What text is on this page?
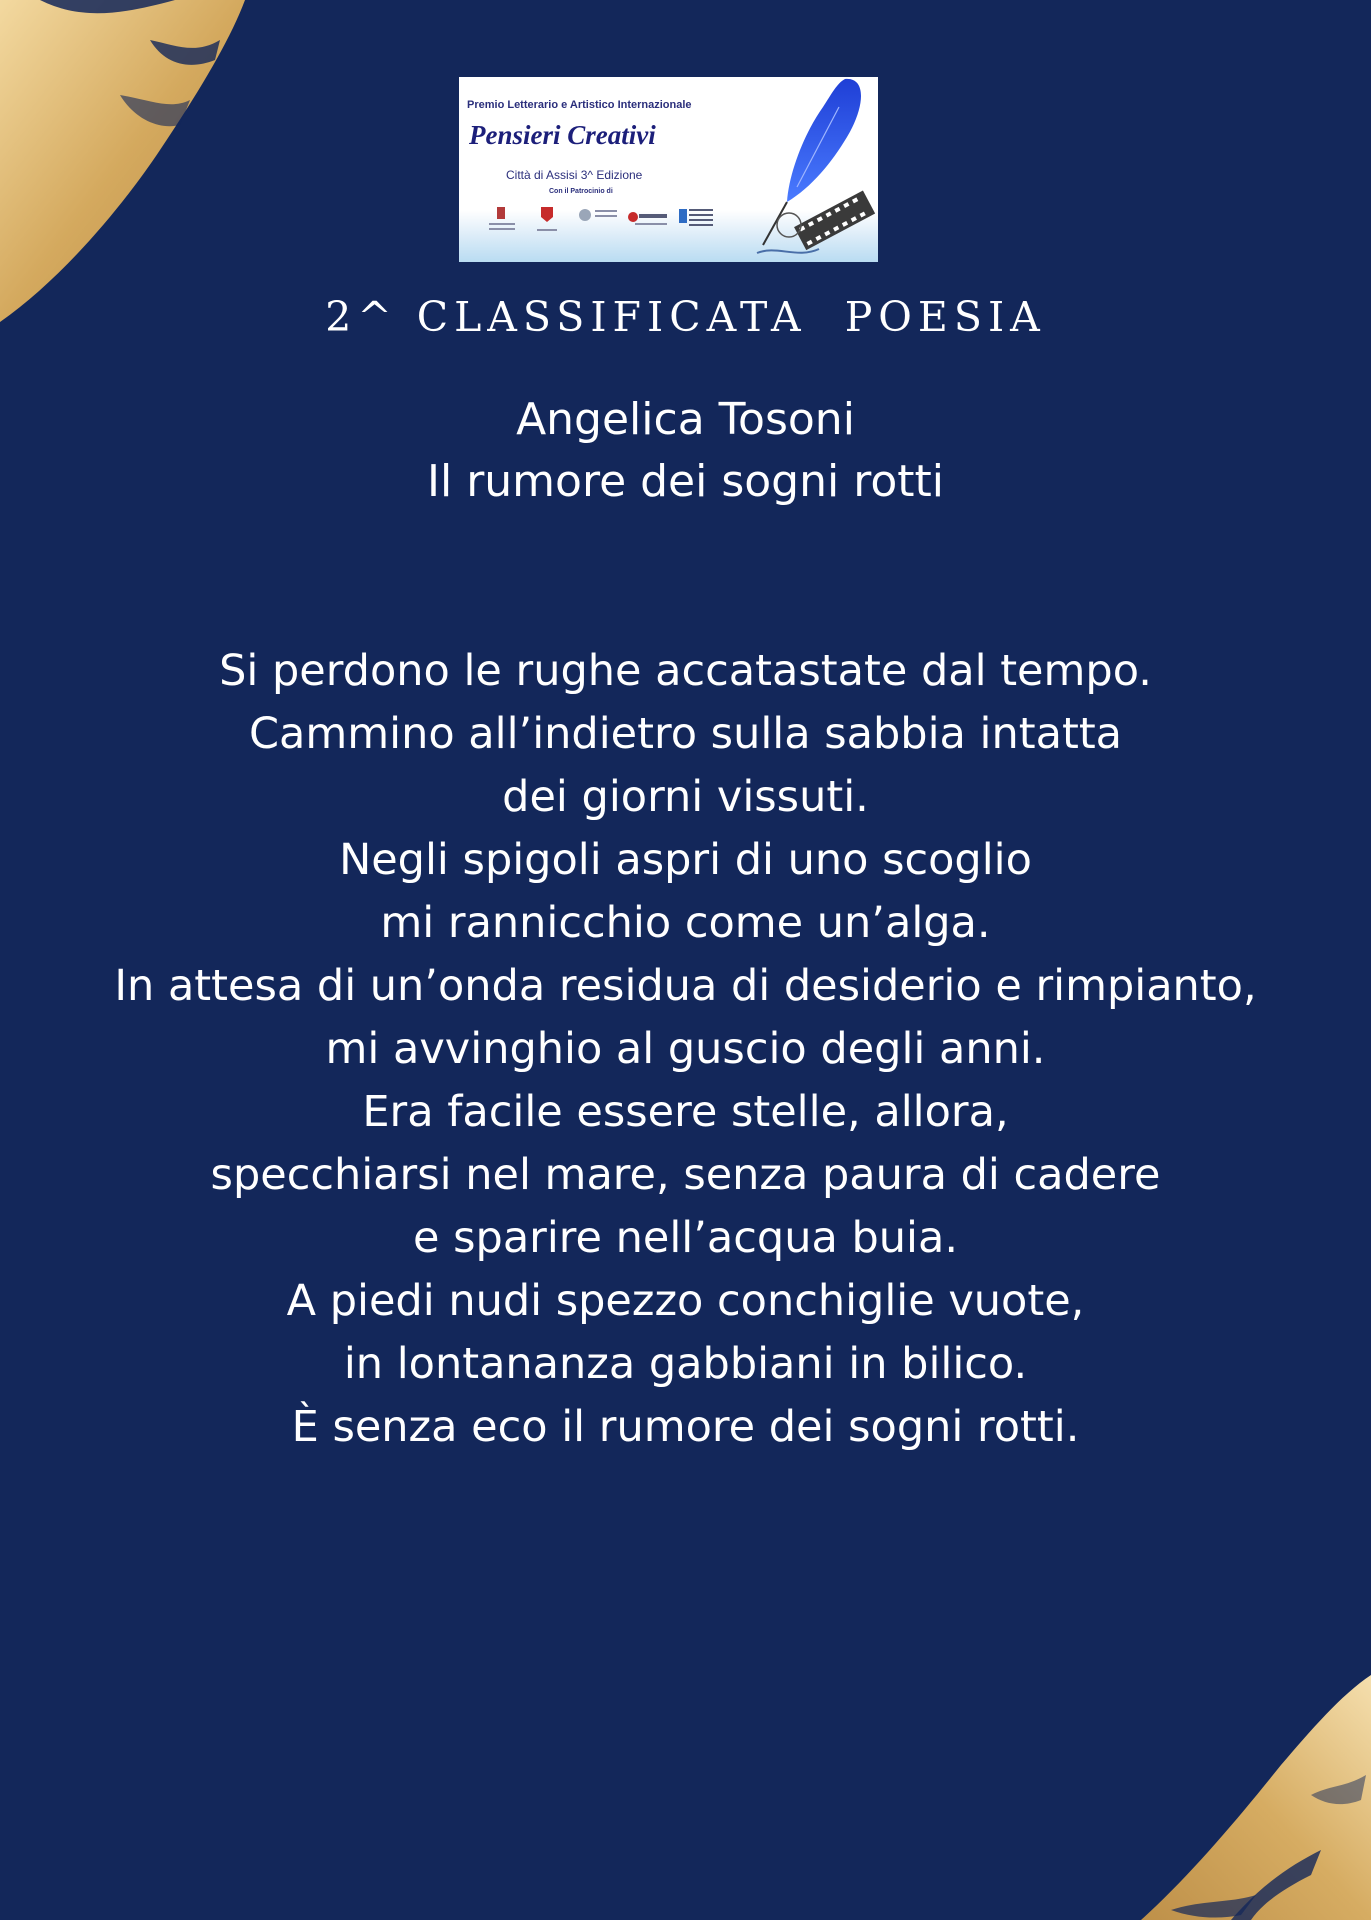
Premio Letterario e Artistico Internazionale
Pensieri Creativi
Città di Assisi 3^ Edizione
Con il Patrocinio di
2^ CLASSIFICATA  POESIA
Angelica Tosoni
Il rumore dei sogni rotti
Si perdono le rughe accatastate dal tempo.
Cammino all’indietro sulla sabbia intatta
dei giorni vissuti.
Negli spigoli aspri di uno scoglio
mi rannicchio come un’alga.
In attesa di un’onda residua di desiderio e rimpianto,
mi avvinghio al guscio degli anni.
Era facile essere stelle, allora,
specchiarsi nel mare, senza paura di cadere
e sparire nell’acqua buia.
A piedi nudi spezzo conchiglie vuote,
in lontananza gabbiani in bilico.
È senza eco il rumore dei sogni rotti.
